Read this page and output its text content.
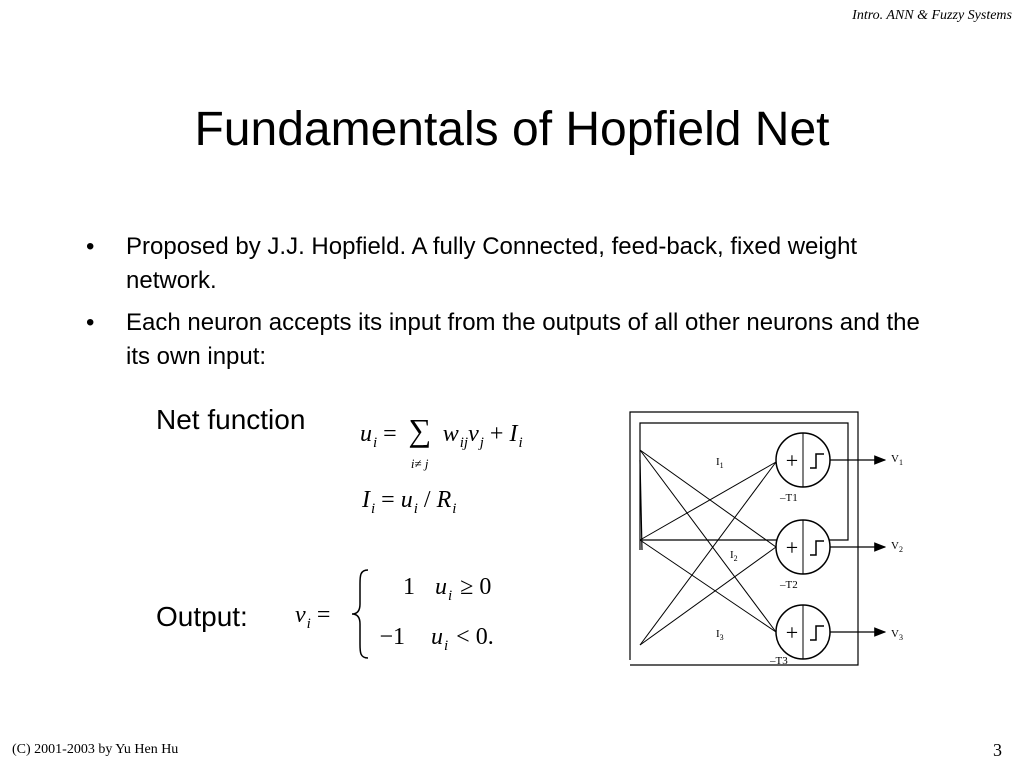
Intro. ANN & Fuzzy Systems
Fundamentals of Hopfield Net
• Proposed by J.J. Hopfield. A fully Connected, feed-back, fixed weight network.
• Each neuron accepts its input from the outputs of all other neurons and the its own input:
Net function
Output:
$u_i$ = ∑
i≠ j
$w_{ij}v_j + I_i$
$I_i = u_i / R_i$
$v_i$ =
1 $u_i \ge 0$
−1 $u_i < 0$.
+
+
+
$I_1$
$I_2$
$I_3$
$V_1$
$V_2$
$V_3$
–T1
–T2
–T3
(C) 2001-2003 by Yu Hen Hu	3
